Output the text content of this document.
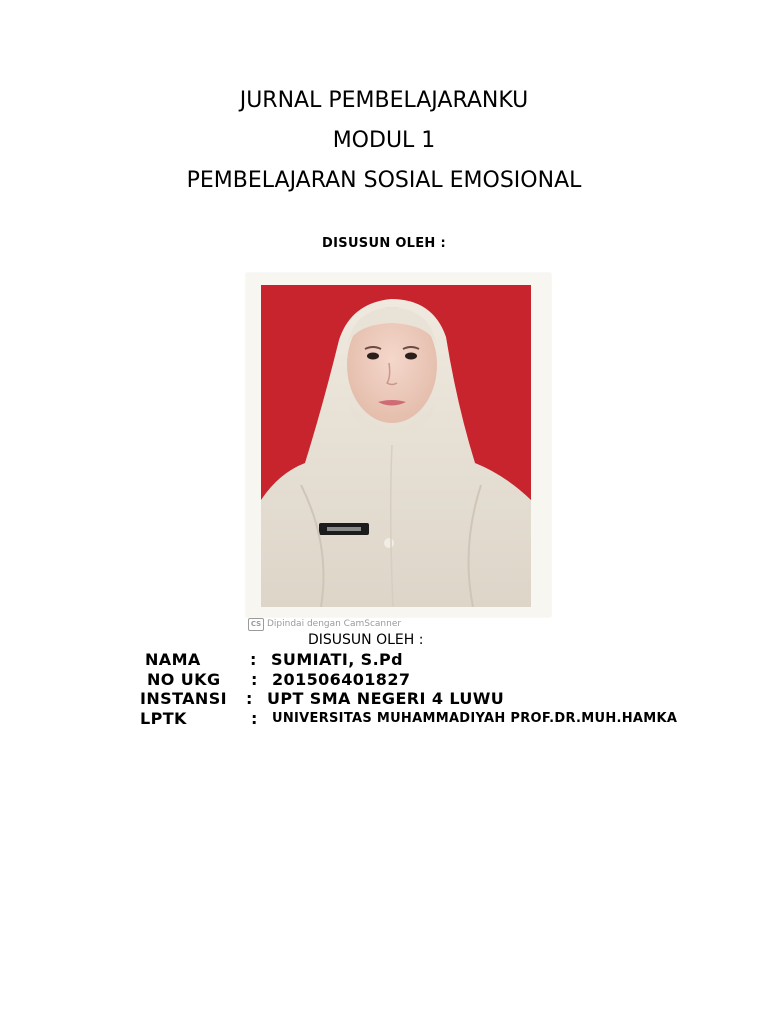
JURNAL PEMBELAJARANKU
MODUL 1
PEMBELAJARAN SOSIAL EMOSIONAL
DISUSUN OLEH :
CS Dipindai dengan CamScanner
DISUSUN OLEH :
NAMA	: SUMIATI, S.Pd
NO UKG : 201506401827
INSTANSI : UPT SMA NEGERI 4 LUWU
LPTK	: UNIVERSITAS MUHAMMADIYAH PROF.DR.MUH.HAMKA
